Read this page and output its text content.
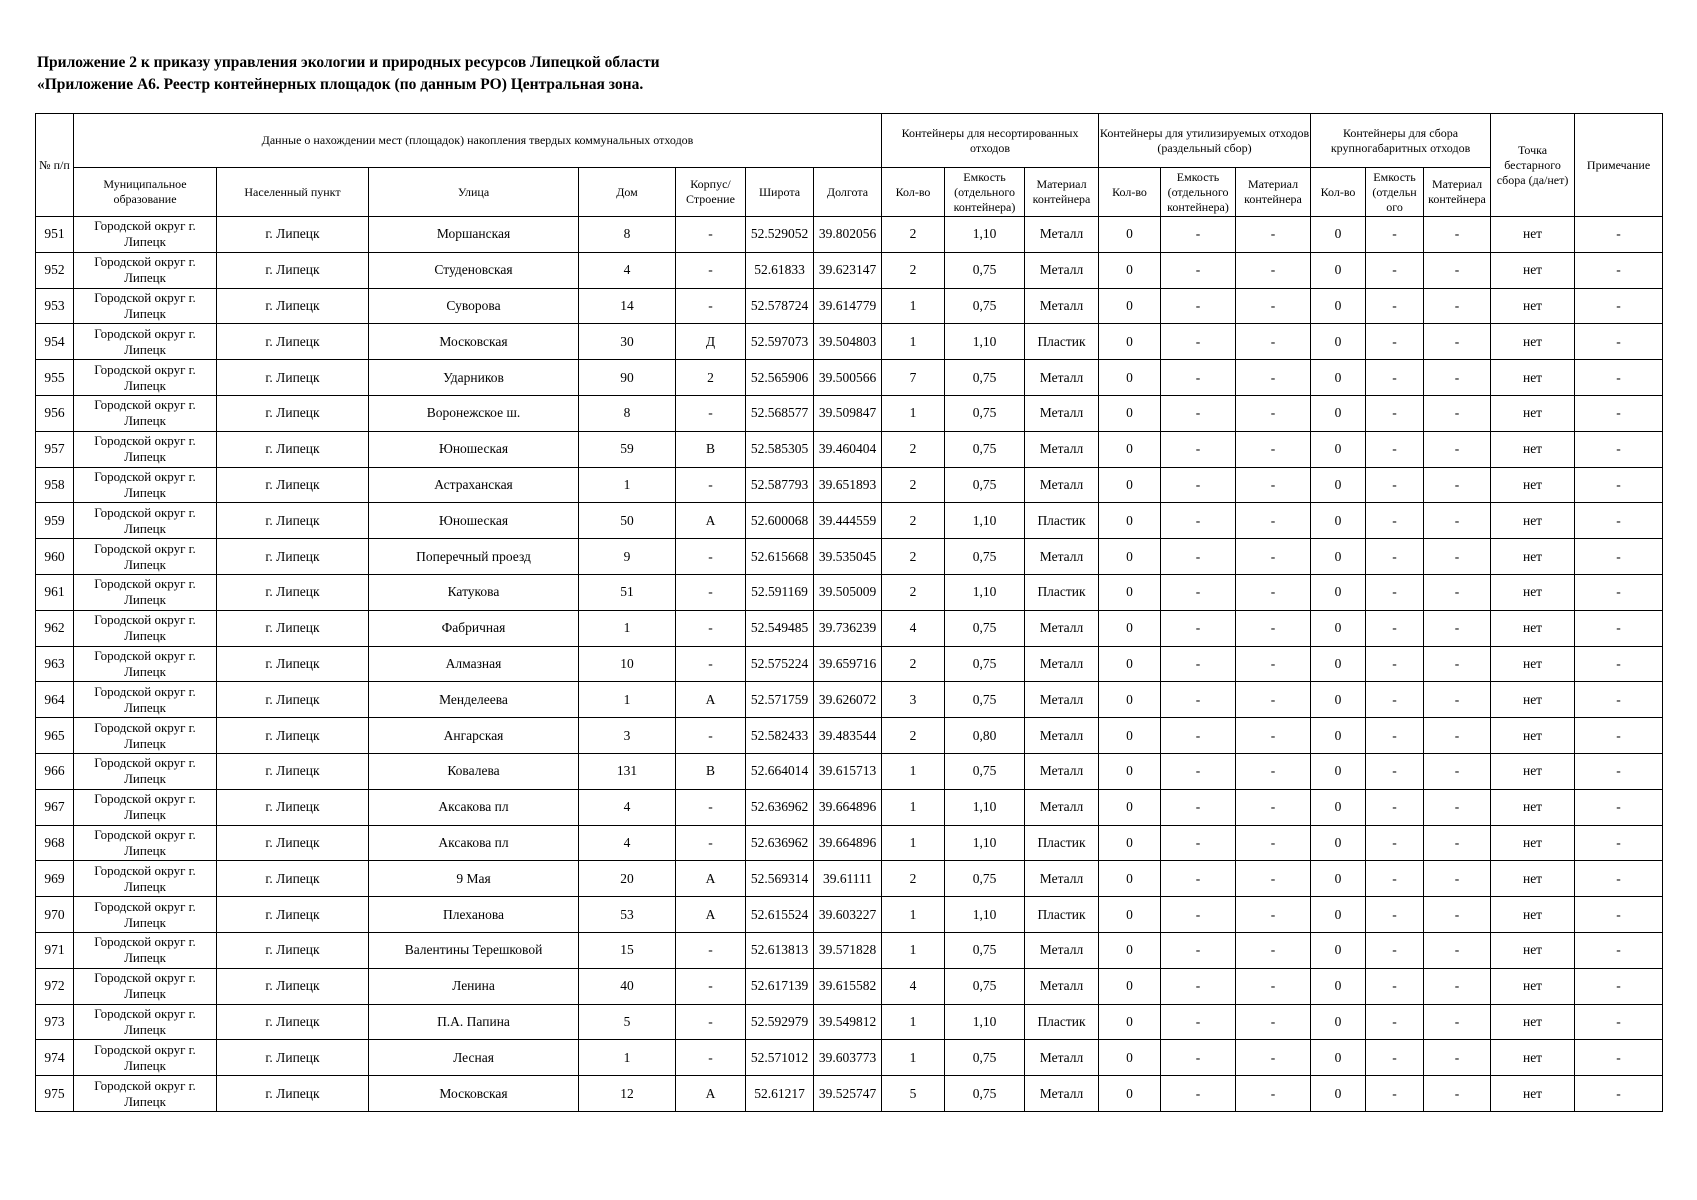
Приложение 2 к приказу управления экологии и природных ресурсов Липецкой области
«Приложение А6. Реестр контейнерных площадок (по данным РО) Центральная зона.
№ п/п	Данные о нахождении мест (площадок) накопления твердых коммунальных отходов							Контейнеры для несортированных отходов			Контейнеры для утилизируемых отходов (раздельный сбор)			Контейнеры для сбора крупногабаритных отходов			Точка бестарного сбора (да/нет)	Примечание
	Муниципальное образование	Населенный пункт	Улица	Дом	Корпус/ Строение	Широта	Долгота	Кол-во	Емкость (отдельного контейнера)	Материал контейнера	Кол-во	Емкость (отдельного контейнера)	Материал контейнера	Кол-во	Емкость (отдельн ого	Материал контейнера		
951	Городской округ г. Липецк	г. Липецк	Моршанская	8	-	52.529052	39.802056	2	1,10	Металл	0	-	-	0	-	-	нет	-
952	Городской округ г. Липецк	г. Липецк	Студеновская	4	-	52.61833	39.623147	2	0,75	Металл	0	-	-	0	-	-	нет	-
953	Городской округ г. Липецк	г. Липецк	Суворова	14	-	52.578724	39.614779	1	0,75	Металл	0	-	-	0	-	-	нет	-
954	Городской округ г. Липецк	г. Липецк	Московская	30	Д	52.597073	39.504803	1	1,10	Пластик	0	-	-	0	-	-	нет	-
955	Городской округ г. Липецк	г. Липецк	Ударников	90	2	52.565906	39.500566	7	0,75	Металл	0	-	-	0	-	-	нет	-
956	Городской округ г. Липецк	г. Липецк	Воронежское ш.	8	-	52.568577	39.509847	1	0,75	Металл	0	-	-	0	-	-	нет	-
957	Городской округ г. Липецк	г. Липецк	Юношеская	59	В	52.585305	39.460404	2	0,75	Металл	0	-	-	0	-	-	нет	-
958	Городской округ г. Липецк	г. Липецк	Астраханская	1	-	52.587793	39.651893	2	0,75	Металл	0	-	-	0	-	-	нет	-
959	Городской округ г. Липецк	г. Липецк	Юношеская	50	А	52.600068	39.444559	2	1,10	Пластик	0	-	-	0	-	-	нет	-
960	Городской округ г. Липецк	г. Липецк	Поперечный проезд	9	-	52.615668	39.535045	2	0,75	Металл	0	-	-	0	-	-	нет	-
961	Городской округ г. Липецк	г. Липецк	Катукова	51	-	52.591169	39.505009	2	1,10	Пластик	0	-	-	0	-	-	нет	-
962	Городской округ г. Липецк	г. Липецк	Фабричная	1	-	52.549485	39.736239	4	0,75	Металл	0	-	-	0	-	-	нет	-
963	Городской округ г. Липецк	г. Липецк	Алмазная	10	-	52.575224	39.659716	2	0,75	Металл	0	-	-	0	-	-	нет	-
964	Городской округ г. Липецк	г. Липецк	Менделеева	1	А	52.571759	39.626072	3	0,75	Металл	0	-	-	0	-	-	нет	-
965	Городской округ г. Липецк	г. Липецк	Ангарская	3	-	52.582433	39.483544	2	0,80	Металл	0	-	-	0	-	-	нет	-
966	Городской округ г. Липецк	г. Липецк	Ковалева	131	В	52.664014	39.615713	1	0,75	Металл	0	-	-	0	-	-	нет	-
967	Городской округ г. Липецк	г. Липецк	Аксакова пл	4	-	52.636962	39.664896	1	1,10	Металл	0	-	-	0	-	-	нет	-
968	Городской округ г. Липецк	г. Липецк	Аксакова пл	4	-	52.636962	39.664896	1	1,10	Пластик	0	-	-	0	-	-	нет	-
969	Городской округ г. Липецк	г. Липецк	9 Мая	20	А	52.569314	39.61111	2	0,75	Металл	0	-	-	0	-	-	нет	-
970	Городской округ г. Липецк	г. Липецк	Плеханова	53	А	52.615524	39.603227	1	1,10	Пластик	0	-	-	0	-	-	нет	-
971	Городской округ г. Липецк	г. Липецк	Валентины Терешковой	15	-	52.613813	39.571828	1	0,75	Металл	0	-	-	0	-	-	нет	-
972	Городской округ г. Липецк	г. Липецк	Ленина	40	-	52.617139	39.615582	4	0,75	Металл	0	-	-	0	-	-	нет	-
973	Городской округ г. Липецк	г. Липецк	П.А. Папина	5	-	52.592979	39.549812	1	1,10	Пластик	0	-	-	0	-	-	нет	-
974	Городской округ г. Липецк	г. Липецк	Лесная	1	-	52.571012	39.603773	1	0,75	Металл	0	-	-	0	-	-	нет	-
975	Городской округ г. Липецк	г. Липецк	Московская	12	А	52.61217	39.525747	5	0,75	Металл	0	-	-	0	-	-	нет	-
